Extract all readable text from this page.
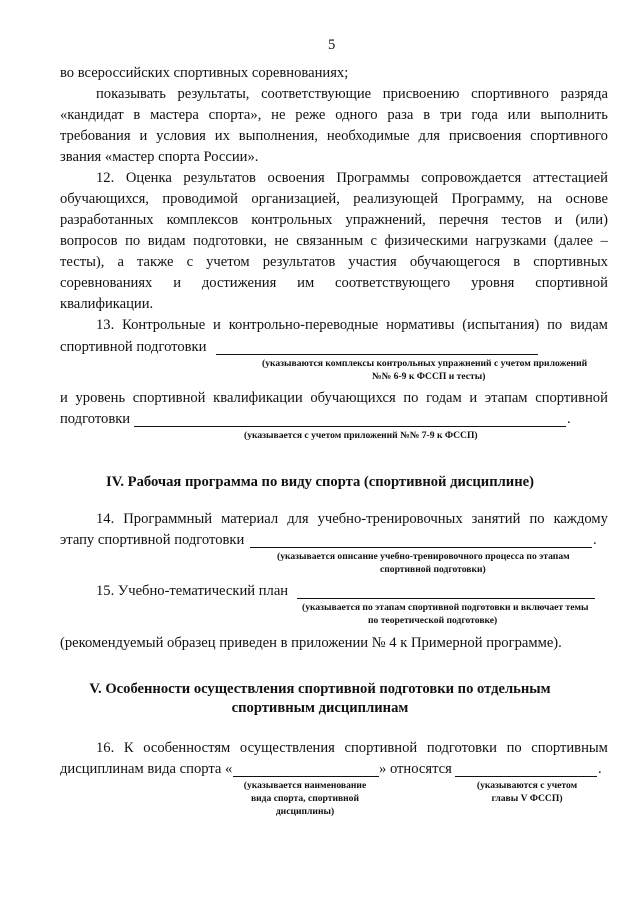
5
во всероссийских спортивных соревнованиях;
показывать результаты, соответствующие присвоению спортивного разряда
«кандидат в мастера спорта», не реже одного раза в три года или выполнить
требования и условия их выполнения, необходимые для присвоения спортивного
звания «мастер спорта России».
12. Оценка результатов освоения Программы сопровождается аттестацией
обучающихся, проводимой организацией, реализующей Программу, на основе
разработанных комплексов контрольных упражнений, перечня тестов и (или)
вопросов по видам подготовки, не связанным с физическими нагрузками (далее –
тесты), а также с учетом результатов участия обучающегося в спортивных
соревнованиях и достижения им соответствующего уровня спортивной
квалификации.
13. Контрольные и контрольно-переводные нормативы (испытания) по видам
спортивной подготовки
(указываются комплексы контрольных упражнений с учетом приложений
№№ 6-9 к ФССП и тесты)
и уровень спортивной квалификации обучающихся по годам и этапам спортивной
подготовки	.
(указывается с учетом приложений №№ 7-9 к ФССП)
IV. Рабочая программа по виду спорта (спортивной дисциплине)
14. Программный материал для учебно-тренировочных занятий по каждому
этапу спортивной подготовки	.
(указывается описание учебно-тренировочного процесса по этапам
спортивной подготовки)
15. Учебно-тематический план
(указывается по этапам спортивной подготовки и включает темы
по теоретической подготовке)
(рекомендуемый образец приведен в приложении № 4 к Примерной программе).
V. Особенности осуществления спортивной подготовки по отдельным
спортивным дисциплинам
16. К особенностям осуществления спортивной подготовки по спортивным
дисциплинам вида спорта «	» относятся	.
(указывается наименование
вида спорта, спортивной
дисциплины)
(указываются с учетом
главы V ФССП)
